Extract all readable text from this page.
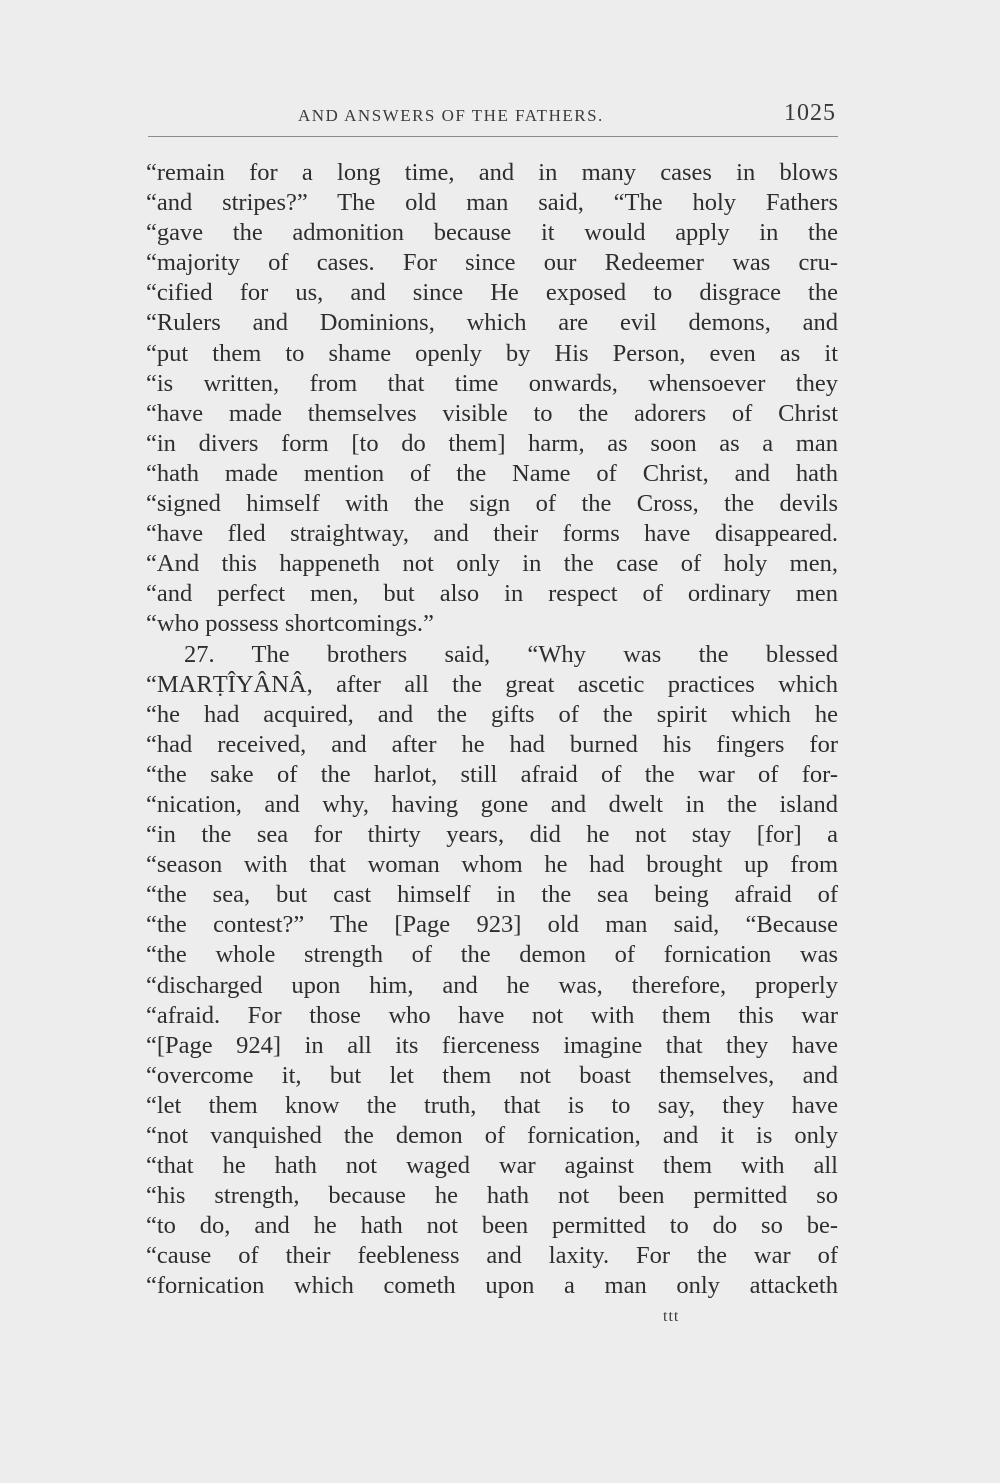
AND ANSWERS OF THE FATHERS.	1025
“remain for a long time, and in many cases in blows
“and stripes?” The old man said, “The holy Fathers
“gave the admonition because it would apply in the
“majority of cases. For since our Redeemer was cru-
“cified for us, and since He exposed to disgrace the
“Rulers and Dominions, which are evil demons, and
“put them to shame openly by His Person, even as it
“is written, from that time onwards, whensoever they
“have made themselves visible to the adorers of Christ
“in divers form [to do them] harm, as soon as a man
“hath made mention of the Name of Christ, and hath
“signed himself with the sign of the Cross, the devils
“have fled straightway, and their forms have disappeared.
“And this happeneth not only in the case of holy men,
“and perfect men, but also in respect of ordinary men
“who possess shortcomings.”
27. The brothers said, “Why was the blessed
“MARṬÎYÂNÂ, after all the great ascetic practices which
“he had acquired, and the gifts of the spirit which he
“had received, and after he had burned his fingers for
“the sake of the harlot, still afraid of the war of for-
“nication, and why, having gone and dwelt in the island
“in the sea for thirty years, did he not stay [for] a
“season with that woman whom he had brought up from
“the sea, but cast himself in the sea being afraid of
“the contest?” The [Page 923] old man said, “Because
“the whole strength of the demon of fornication was
“discharged upon him, and he was, therefore, properly
“afraid. For those who have not with them this war
“[Page 924] in all its fierceness imagine that they have
“overcome it, but let them not boast themselves, and
“let them know the truth, that is to say, they have
“not vanquished the demon of fornication, and it is only
“that he hath not waged war against them with all
“his strength, because he hath not been permitted so
“to do, and he hath not been permitted to do so be-
“cause of their feebleness and laxity. For the war of
“fornication which cometh upon a man only attacketh
ttt
